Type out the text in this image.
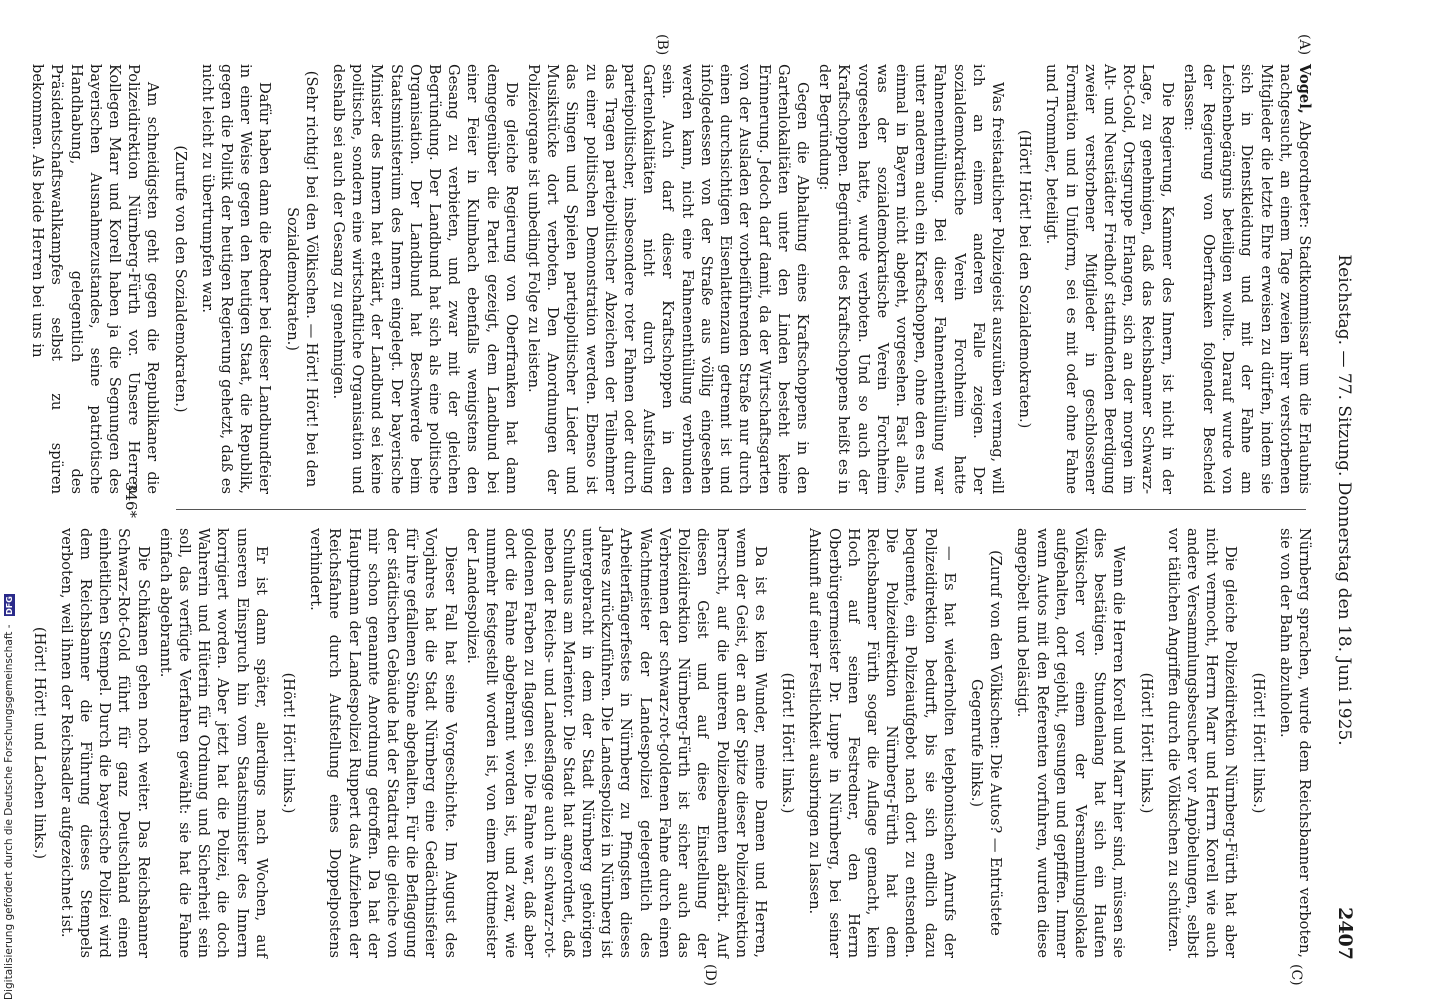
Reichstag. — 77. Sitzung. Donnerstag den 18. Juni 1925.
2407
(A)
(B)
(C)
(D)

Vogel, Abgeordneter: Stadtkommissar um die Erlaubnis nachgesucht, an einem Tage zweien ihrer verstorbenen Mitglieder die letzte Ehre erweisen zu dürfen, indem sie sich in Dienstkleidung und mit der Fahne am Leichenbegängnis beteiligen wollte. Darauf wurde von der Regierung von Oberfranken folgender Bescheid erlassen:

Die Regierung, Kammer des Innern, ist nicht in der Lage, zu genehmigen, daß das Reichsbanner Schwarz-Rot-Gold, Ortsgruppe Erlangen, sich an der morgen im Alt- und Neustädter Friedhof stattfindenden Beerdigung zweier verstorbener Mitglieder in geschlossener Formation und in Uniform, sei es mit oder ohne Fahne und Trommler, beteiligt.

(Hört! Hört! bei den Sozialdemokraten.)

Was freistaatlicher Polizeigeist auszuüben vermag, will ich an einem anderen Falle zeigen. Der sozialdemokratische Verein Forchheim hatte Fahnenenthüllung. Bei dieser Fahnenenthüllung war unter anderem auch ein Kraftschoppen, ohne den es nun einmal in Bayern nicht abgeht, vorgesehen. Fast alles, was der sozialdemokratische Verein Forchheim vorgesehen hatte, wurde verboten. Und so auch der Kraftschoppen. Begründet des Kraftschoppens heißt es in der Begründung:

Gegen die Abhaltung eines Kraftschoppens in den Gartenlokalitäten unter den Linden besteht keine Erinnerung. Jedoch darf damit, da der Wirtschaftsgarten von der Ausladen der vorbeiführenden Straße nur durch einen durchsichtigen Eisenlattenzaun getrennt ist und infolgedessen von der Straße aus völlig eingesehen werden kann, nicht eine Fahnenenthüllung verbunden sein. Auch darf dieser Kraftschoppen in den Gartenlokalitäten nicht durch Aufstellung parteipolitischer, insbesondere roter Fahnen oder durch das Tragen parteipolitischer Abzeichen der Teilnehmer zu einer politischen Demonstration werden. Ebenso ist das Singen und Spielen parteipolitischer Lieder und Musikstücke dort verboten. Den Anordnungen der Polizeiorgane ist unbedingt Folge zu leisten.

Die gleiche Regierung von Oberfranken hat dann demgegenüber die Partei gezeigt, dem Landbund bei einer Feier in Kulmbach ebenfalls wenigstens den Gesang zu verbieten, und zwar mit der gleichen Begründung. Der Landbund hat sich als eine politische Organisation. Der Landbund hat Beschwerde beim Staatsministerium des Innern eingelegt. Der bayerische Minister des Innern hat erklärt, der Landbund sei keine politische, sondern eine wirtschaftliche Organisation und deshalb sei auch der Gesang zu genehmigen.

(Sehr richtig! bei den Völkischen. — Hört! Hört! bei den Sozialdemokraten.)

Dafür haben dann die Redner bei dieser Landbundfeier in einer Weise gegen den heutigen Staat, die Republik, gegen die Politik der heutigen Regierung gehetzt, daß es nicht leicht zu übertrumpfen war.

(Zurufe von den Sozialdemokraten.)

Am schneidigsten geht gegen die Republikaner die Polizeidirektion Nürnberg-Fürth vor. Unsere Herren Kollegen Marr und Korell haben ja die Segnungen des bayerischen Ausnahmezustandes, seine patriotische Handhabung, gelegentlich des Präsidentschaftswahlkampfes selbst zu spüren bekommen. Als beide Herren bei uns in

Nürnberg sprachen, wurde dem Reichsbanner verboten, sie von der Bahn abzuholen.

(Hört! Hört! links.)

Die gleiche Polizeidirektion Nürnberg-Fürth hat aber nicht vermocht, Herrn Marr und Herrn Korell wie auch andere Versammlungsbesucher vor Anpöbelungen, selbst vor tätlichen Angriffen durch die Völkischen zu schützen.

(Hört! Hört! links.)

Wenn die Herren Korell und Marr hier sind, müssen sie dies bestätigen. Stundenlang hat sich ein Haufen Völkischer vor einem der Versammlungslokale aufgehalten, dort gejohlt, gesungen und gepfiffen. Immer wenn Autos mit den Referenten vorfuhren, wurden diese angepöbelt und belästigt.

(Zuruf von den Völkischen: Die Autos? — Entrüstete Gegenrufe links.)

— Es hat wiederholten telephonischen Anrufs der Polizeidirektion bedurft, bis sie sich endlich dazu bequemte, ein Polizeiaufgebot nach dort zu entsenden. Die Polizeidirektion Nürnberg-Fürth hat dem Reichsbanner Fürth sogar die Auflage gemacht, kein Hoch auf seinen Festredner, den Herrn Oberbürgermeister Dr. Luppe in Nürnberg, bei seiner Ankunft auf einer Festlichkeit ausbringen zu lassen.

(Hört! Hört! links.)

Da ist es kein Wunder, meine Damen und Herren, wenn der Geist, der an der Spitze dieser Polizeidirektion herrscht, auf die unteren Polizeibeamten abfärbt. Auf diesen Geist und auf diese Einstellung der Polizeidirektion Nürnberg-Fürth ist sicher auch das Verbrennen der schwarz-rot-goldenen Fahne durch einen Wachtmeister der Landespolizei gelegentlich des Arbeiterfängerfestes in Nürnberg zu Pfingsten dieses Jahres zurückzuführen. Die Landespolizei in Nürnberg ist untergebracht in dem der Stadt Nürnberg gehörigen Schulhaus am Marientor. Die Stadt hat angeordnet, daß neben der Reichs- und Landesflagge auch in schwarz-rot-goldenen Farben zu flaggen sei. Die Fahne war, daß aber dort die Fahne abgebrannt worden ist, und zwar, wie nunmehr festgestellt worden ist, von einem Rottmeister der Landespolizei.

Dieser Fall hat seine Vorgeschichte. Im August des Vorjahres hat die Stadt Nürnberg eine Gedächtnisfeier für ihre gefallenen Söhne abgehalten. Für die Beflaggung der städtischen Gebäude hat der Stadtrat die gleiche von mir schon genannte Anordnung getroffen. Da hat der Hauptmann der Landespolizei Ruppert das Aufziehen der Reichsfahne durch Aufstellung eines Doppelpostens verhindert.

(Hört! Hört! links.)

Er ist dann später, allerdings nach Wochen, auf unseren Einspruch hin vom Staatsminister des Innern korrigiert worden. Aber jetzt hat die Polizei, die doch Wahrerin und Hüterin für Ordnung und Sicherheit sein soll, das verfügte Verfahren gewählt: sie hat die Fahne einfach abgebrannt.

Die Schikanen gehen noch weiter. Das Reichsbanner Schwarz-Rot-Gold führt für ganz Deutschland einen einheitlichen Stempel. Durch die bayerische Polizei wird dem Reichsbanner die Führung dieses Stempels verboten, weil ihnen der Reichsadler aufgezeichnet ist.

(Hört! Hört! und Lachen links.)

346*
Digitalisierung gefördert durch die Deutsche Forschungsgemeinschaft -DFG
